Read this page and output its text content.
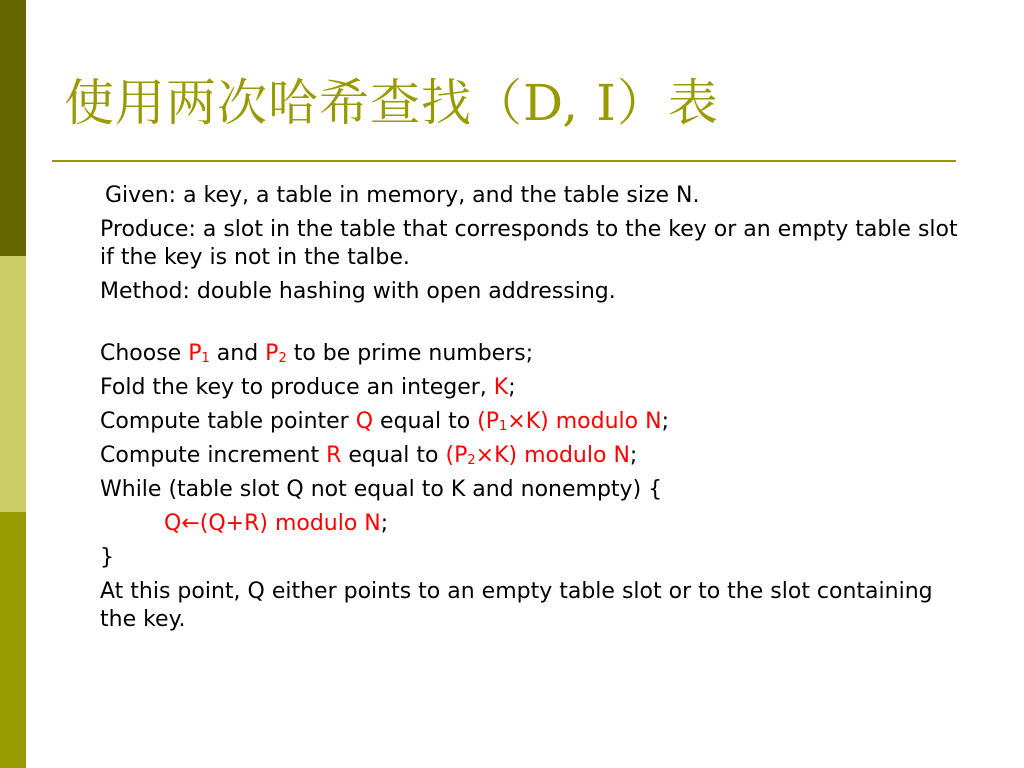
使用两次哈希查找（D, I）表

Given: a key, a table in memory, and the table size N.

Produce: a slot in the table that corresponds to the key or an empty table slot if the key is not in the talbe.

Method: double hashing with open addressing.

Choose $P_1$ and $P_2$ to be prime numbers;

Fold the key to produce an integer, K;

Compute table pointer Q equal to $(P_1\times K)$ modulo N;

Compute increment R equal to $(P_2\times K)$ modulo N;

While (table slot Q not equal to K and nonempty) {

Q←(Q+R) modulo N;

}

At this point, Q either points to an empty table slot or to the slot containing the key.
